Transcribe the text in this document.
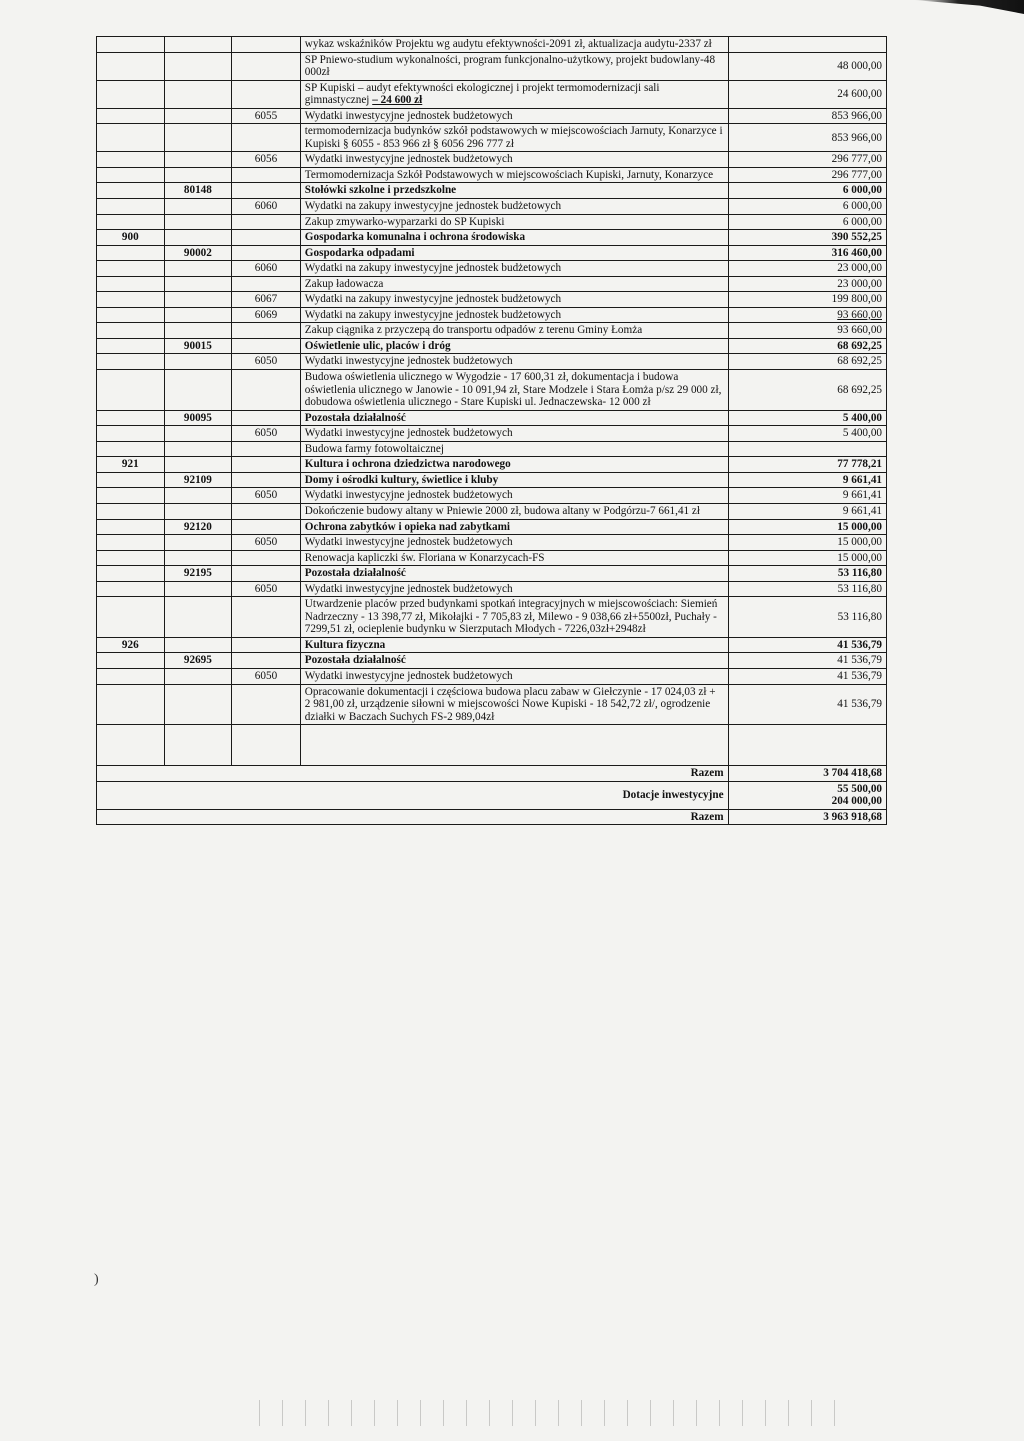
			wykaz wskaźników Projektu wg audytu efektywności-2091 zł, aktualizacja audytu-2337 zł	
			SP Pniewo-studium wykonalności, program funkcjonalno-użytkowy, projekt budowlany-48 000zł	48 000,00
			SP Kupiski – audyt efektywności ekologicznej i projekt termomodernizacji sali gimnastycznej – 24 600 zł	24 600,00
		6055	Wydatki inwestycyjne jednostek budżetowych	853 966,00
			termomodernizacja budynków szkół podstawowych w miejscowościach Jarnuty, Konarzyce i Kupiski § 6055 - 853 966 zł § 6056 296 777 zł	853 966,00
		6056	Wydatki inwestycyjne jednostek budżetowych	296 777,00
			Termomodernizacja Szkół Podstawowych w miejscowościach Kupiski, Jarnuty, Konarzyce	296 777,00
	80148		Stołówki szkolne i przedszkolne	6 000,00
		6060	Wydatki na zakupy inwestycyjne jednostek budżetowych	6 000,00
			Zakup zmywarko-wyparzarki do SP Kupiski	6 000,00
900			Gospodarka komunalna i ochrona środowiska	390 552,25
	90002		Gospodarka odpadami	316 460,00
		6060	Wydatki na zakupy inwestycyjne jednostek budżetowych	23 000,00
			Zakup ładowacza	23 000,00
		6067	Wydatki na zakupy inwestycyjne jednostek budżetowych	199 800,00
		6069	Wydatki na zakupy inwestycyjne jednostek budżetowych	93 660,00
			Zakup ciągnika z przyczepą do transportu odpadów z terenu Gminy Łomża	93 660,00
	90015		Oświetlenie ulic, placów i dróg	68 692,25
		6050	Wydatki inwestycyjne jednostek budżetowych	68 692,25
			Budowa oświetlenia ulicznego w Wygodzie - 17 600,31 zł, dokumentacja i budowa oświetlenia ulicznego w Janowie - 10 091,94 zł, Stare Modzele i Stara Łomża p/sz 29 000 zł, dobudowa oświetlenia ulicznego - Stare Kupiski ul. Jednaczewska- 12 000 zł	68 692,25
	90095		Pozostała działalność	5 400,00
		6050	Wydatki inwestycyjne jednostek budżetowych	5 400,00
			Budowa farmy fotowoltaicznej	
921			Kultura i ochrona dziedzictwa narodowego	77 778,21
	92109		Domy i ośrodki kultury, świetlice i kluby	9 661,41
		6050	Wydatki inwestycyjne jednostek budżetowych	9 661,41
			Dokończenie budowy altany w Pniewie 2000 zł, budowa altany w Podgórzu-7 661,41 zł	9 661,41
	92120		Ochrona zabytków i opieka nad zabytkami	15 000,00
		6050	Wydatki inwestycyjne jednostek budżetowych	15 000,00
			Renowacja kapliczki św. Floriana w Konarzycach-FS	15 000,00
	92195		Pozostała działalność	53 116,80
		6050	Wydatki inwestycyjne jednostek budżetowych	53 116,80
			Utwardzenie placów przed budynkami spotkań integracyjnych w miejscowościach: Siemień Nadrzeczny - 13 398,77 zł, Mikołajki - 7 705,83 zł, Milewo - 9 038,66 zł+5500zł, Puchały - 7299,51 zł, ocieplenie budynku w Sierzputach Młodych - 7226,03zł+2948zł	53 116,80
926			Kultura fizyczna	41 536,79
	92695		Pozostała działalność	41 536,79
		6050	Wydatki inwestycyjne jednostek budżetowych	41 536,79
			Opracowanie dokumentacji i częściowa budowa placu zabaw w Giełczynie - 17 024,03 zł + 2 981,00 zł, urządzenie siłowni w miejscowości Nowe Kupiski - 18 542,72 zł/, ogrodzenie działki w Baczach Suchych FS-2 989,04zł	41 536,79

Razem				3 704 418,68

Dotacje inwestycyjne				55 500,00
204 000,00

Razem				3 963 918,68
)
